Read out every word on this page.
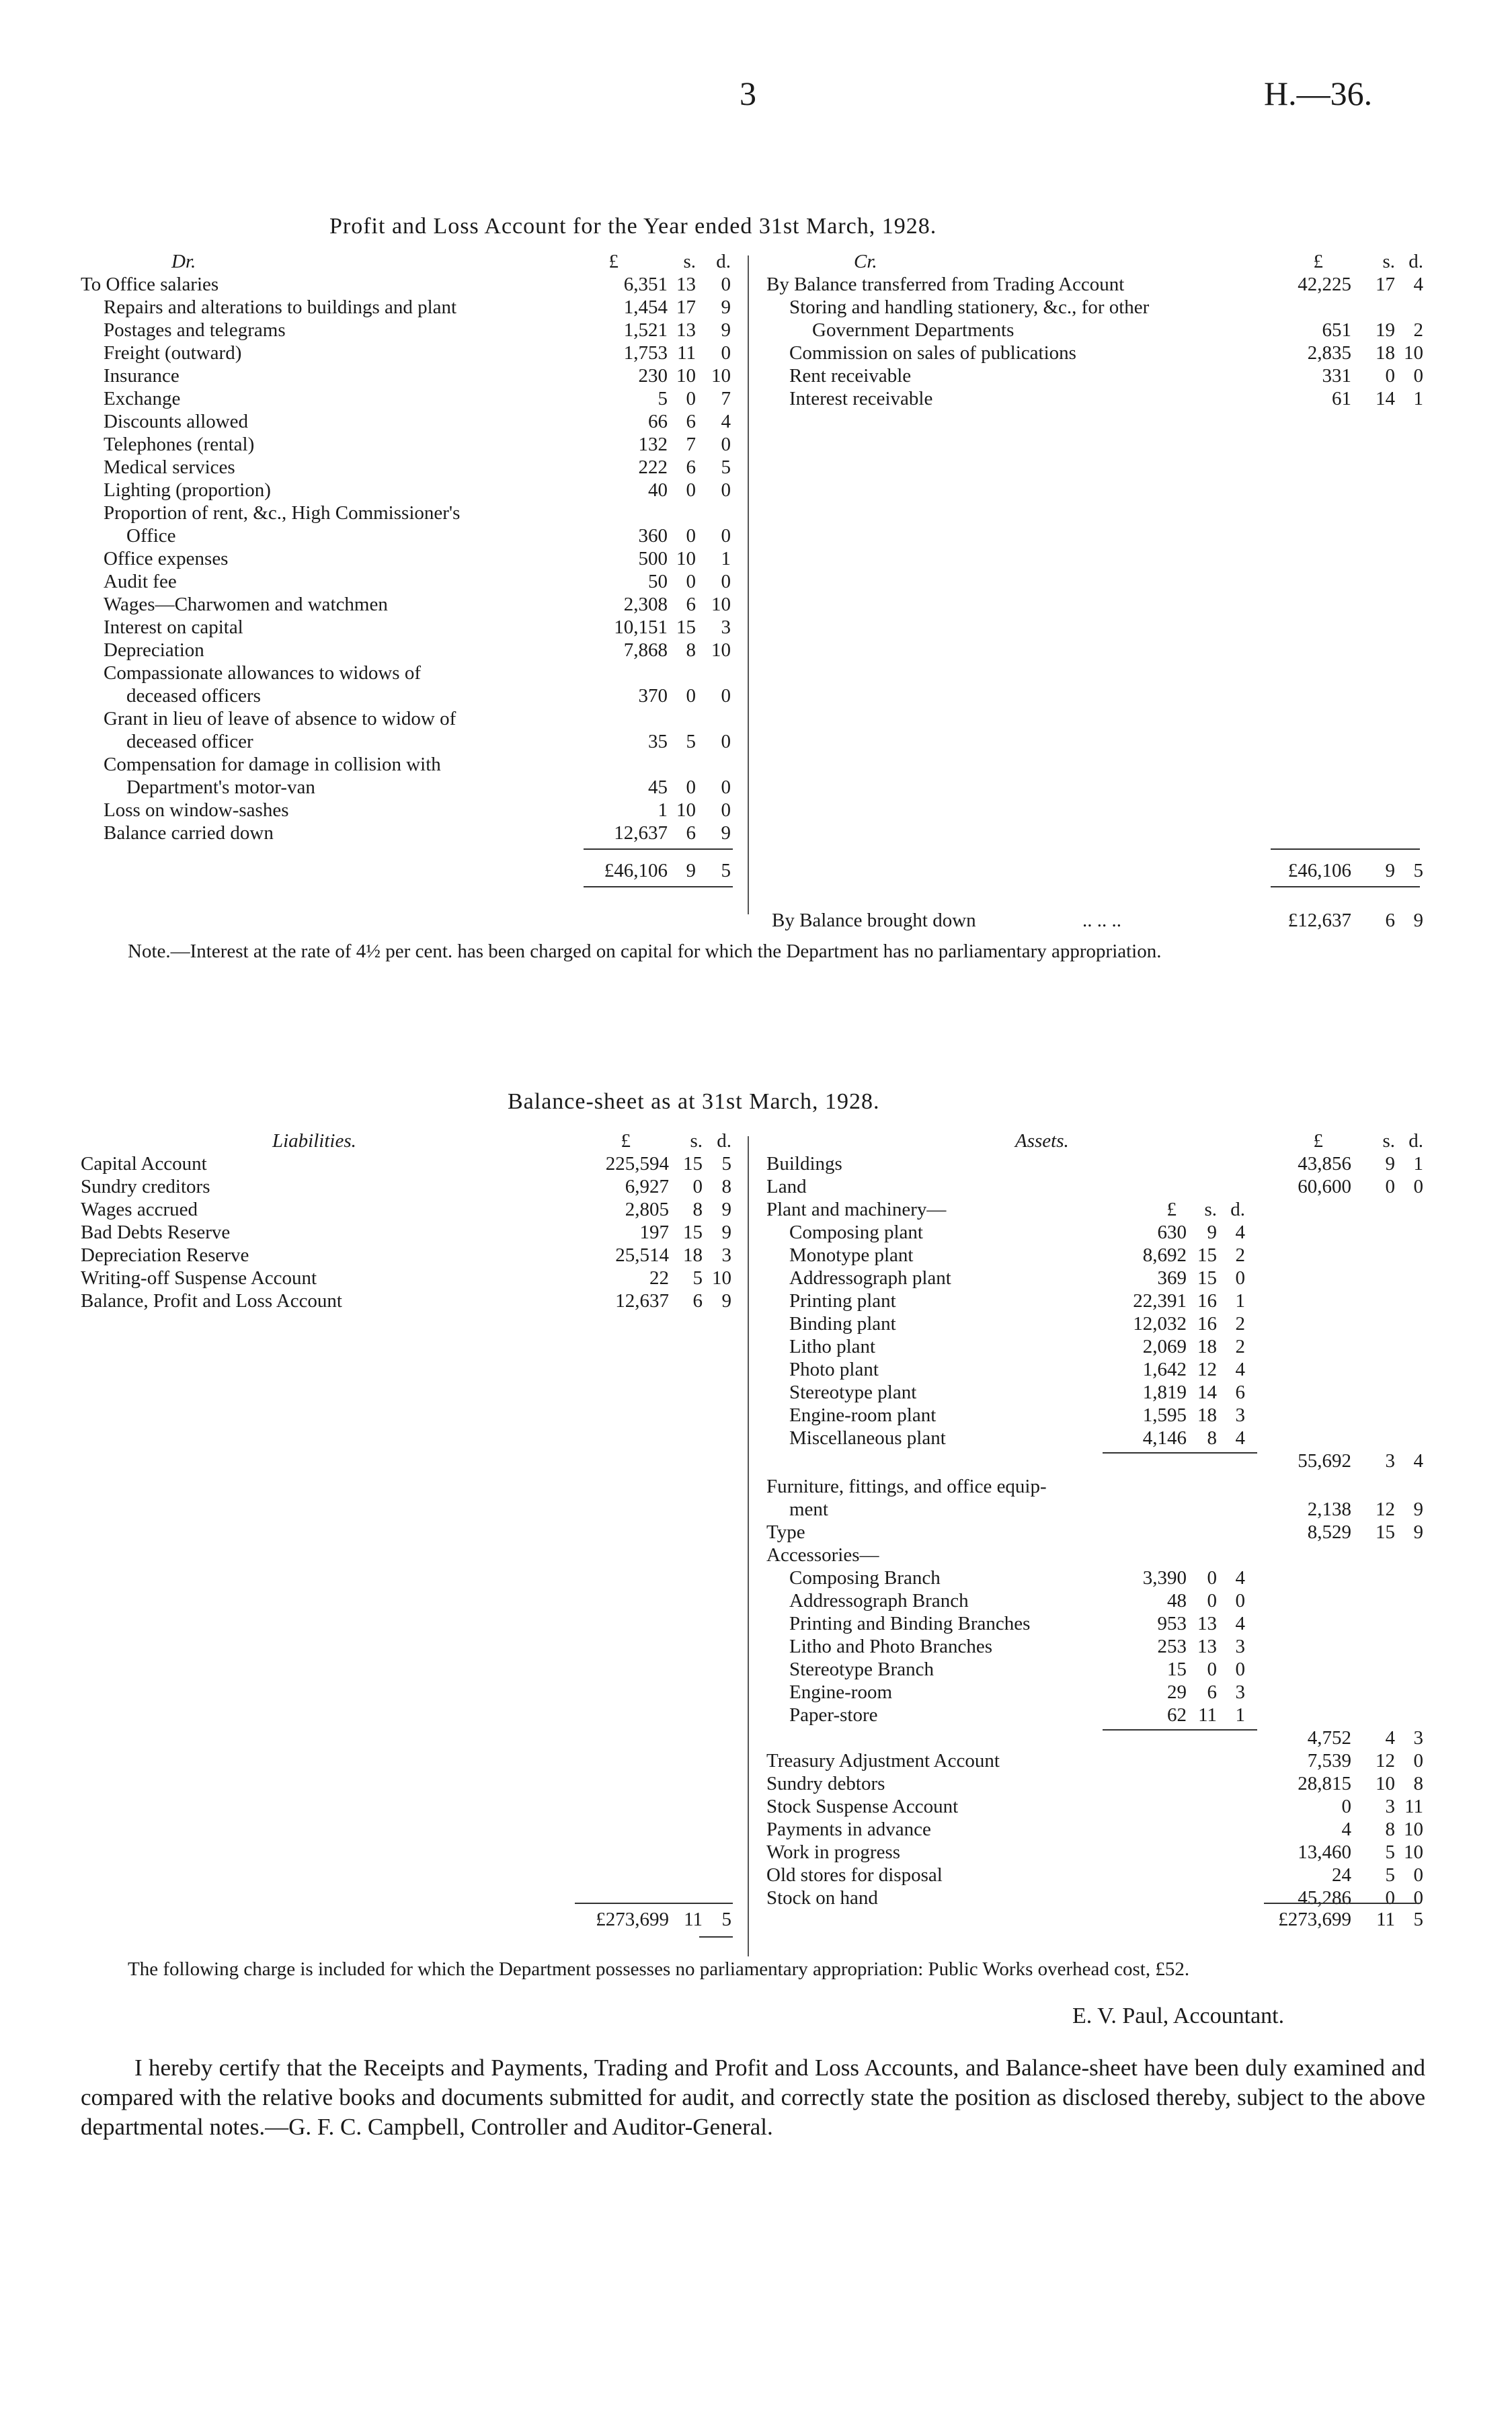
3	H.—36.
Profit and Loss Account for the Year ended 31st March, 1928.
Dr.	Cr.
£	s. d.	£	s. d.
To Office salaries	6,351 13	0
Repairs and alterations to buildings and plant	1,454 17	9
Postages and telegrams	1,521 13	9
Freight (outward)	1,753 11	0
Insurance	230 10 10
Exchange	5 0	7
Discounts allowed	66 6	4
Telephones (rental)	132 7	0
Medical services	222 6	5
Lighting (proportion)	40 0	0
Proportion of rent, &c., High Commissioner's
Office	360 0	0
Office expenses	500 10	1
Audit fee	50 0	0
Wages—Charwomen and watchmen	2,308 6 10
Interest on capital	10,151 15	3
Depreciation	7,868 8 10
Compassionate allowances to widows of
deceased officers	370 0	0
Grant in lieu of leave of absence to widow of
deceased officer	35 5	0
Compensation for damage in collision with
Department's motor-van	45 0	0
Loss on window-sashes	1 10	0
Balance carried down	12,637 6	9
£46,106 9	5
By Balance transferred from Trading Account	42,225 17 4
Storing and handling stationery, &c., for other
Government Departments	651 19 2
Commission on sales of publications	2,835 18 10
Rent receivable	331	0 0
Interest receivable	61 14 1
£46,106	9 5
By Balance brought down	.. .. ..	£12,637	6 9
Note.—Interest at the rate of 4½ per cent. has been charged on capital for which the Department has no parliamentary appropriation.
Balance-sheet as at 31st March, 1928.
Liabilities.	Assets.
£	s. d.	£	s. d.
Capital Account	225,594 15 5
Sundry creditors	6,927	0 8
Wages accrued	2,805	8 9
Bad Debts Reserve	197 15 9
Depreciation Reserve	25,514 18 3
Writing-off Suspense Account	22	5 10
Balance, Profit and Loss Account	12,637	6 9
£273,699 11 5
Buildings	43,856	9 1
Land	60,600	0 0
Plant and machinery—	£	s. d.
Composing plant	630	9 4
Monotype plant	8,692 15 2
Addressograph plant	369 15 0
Printing plant	22,391 16 1
Binding plant	12,032 16 2
Litho plant	2,069 18 2
Photo plant	1,642 12 4
Stereotype plant	1,819 14 6
Engine-room plant	1,595 18 3
Miscellaneous plant	4,146	8 4
55,692	3 4
Furniture, fittings, and office equip-
ment	2,138 12 9
Type	8,529 15 9
Accessories—
Composing Branch	3,390	0 4
Addressograph Branch	48	0 0
Printing and Binding Branches	953 13 4
Litho and Photo Branches	253 13 3
Stereotype Branch	15	0 0
Engine-room	29	6 3
Paper-store	62 11 1
4,752	4 3
Treasury Adjustment Account	7,539 12 0
Sundry debtors	28,815 10 8
Stock Suspense Account	0	3 11
Payments in advance	4	8 10
Work in progress	13,460	5 10
Old stores for disposal	24	5 0
Stock on hand	45,286	0 0
£273,699 11 5
The following charge is included for which the Department possesses no parliamentary appropriation: Public Works overhead cost, £52.
E. V. Paul, Accountant.
I hereby certify that the Receipts and Payments, Trading and Profit and Loss Accounts, and Balance-sheet have been duly examined and compared with the relative books and documents submitted for audit, and correctly state the position as disclosed thereby, subject to the above departmental notes.—G. F. C. Campbell, Controller and Auditor-General.
